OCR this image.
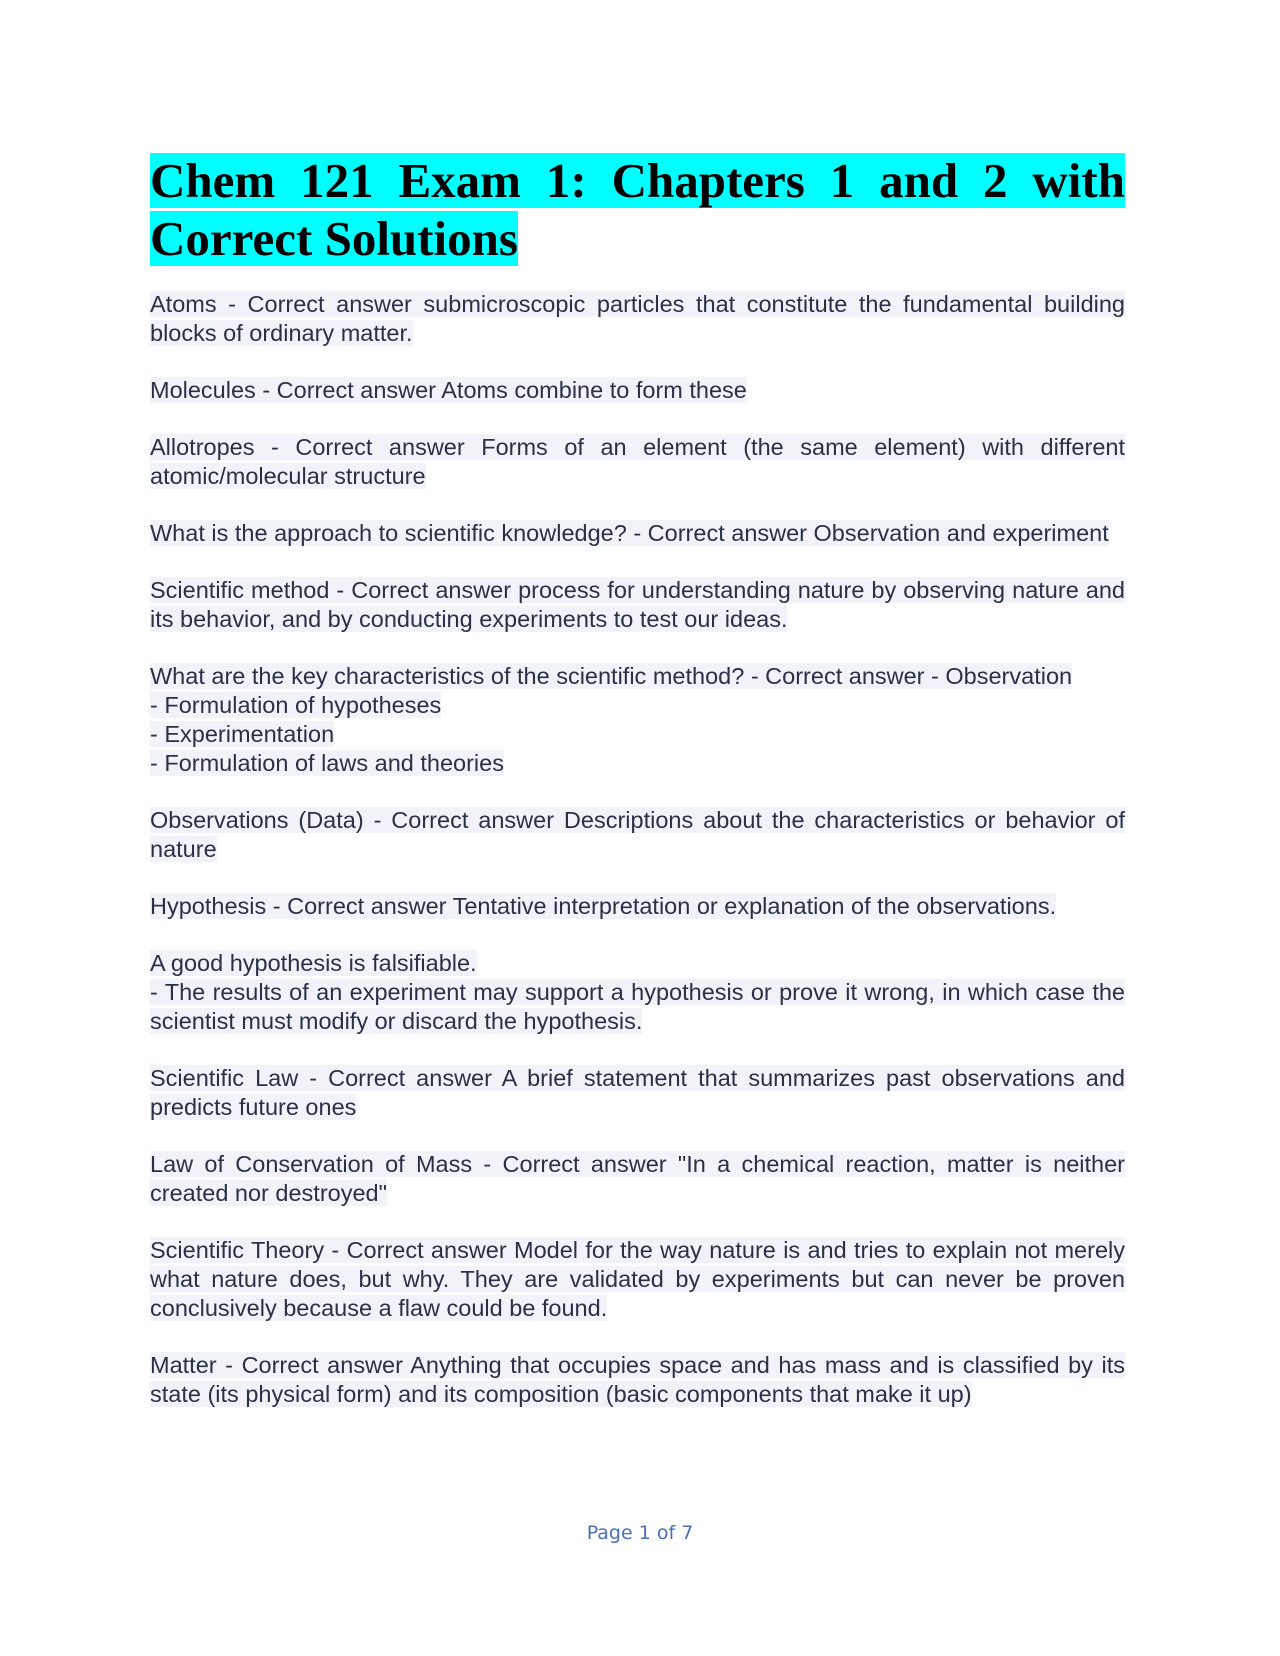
Chem 121 Exam 1: Chapters 1 and 2 with Correct Solutions

Atoms - Correct answer submicroscopic particles that constitute the fundamental building blocks of ordinary matter.

Molecules - Correct answer Atoms combine to form these

Allotropes - Correct answer Forms of an element (the same element) with different atomic/molecular structure

What is the approach to scientific knowledge? - Correct answer Observation and experiment

Scientific method - Correct answer process for understanding nature by observing nature and its behavior, and by conducting experiments to test our ideas.

What are the key characteristics of the scientific method? - Correct answer - Observation
- Formulation of hypotheses
- Experimentation
- Formulation of laws and theories

Observations (Data) - Correct answer Descriptions about the characteristics or behavior of nature

Hypothesis - Correct answer Tentative interpretation or explanation of the observations.

A good hypothesis is falsifiable.
- The results of an experiment may support a hypothesis or prove it wrong, in which case the scientist must modify or discard the hypothesis.

Scientific Law - Correct answer A brief statement that summarizes past observations and predicts future ones

Law of Conservation of Mass - Correct answer "In a chemical reaction, matter is neither created nor destroyed"

Scientific Theory - Correct answer Model for the way nature is and tries to explain not merely what nature does, but why. They are validated by experiments but can never be proven conclusively because a flaw could be found.

Matter - Correct answer Anything that occupies space and has mass and is classified by its state (its physical form) and its composition (basic components that make it up)

Page 1 of 7
